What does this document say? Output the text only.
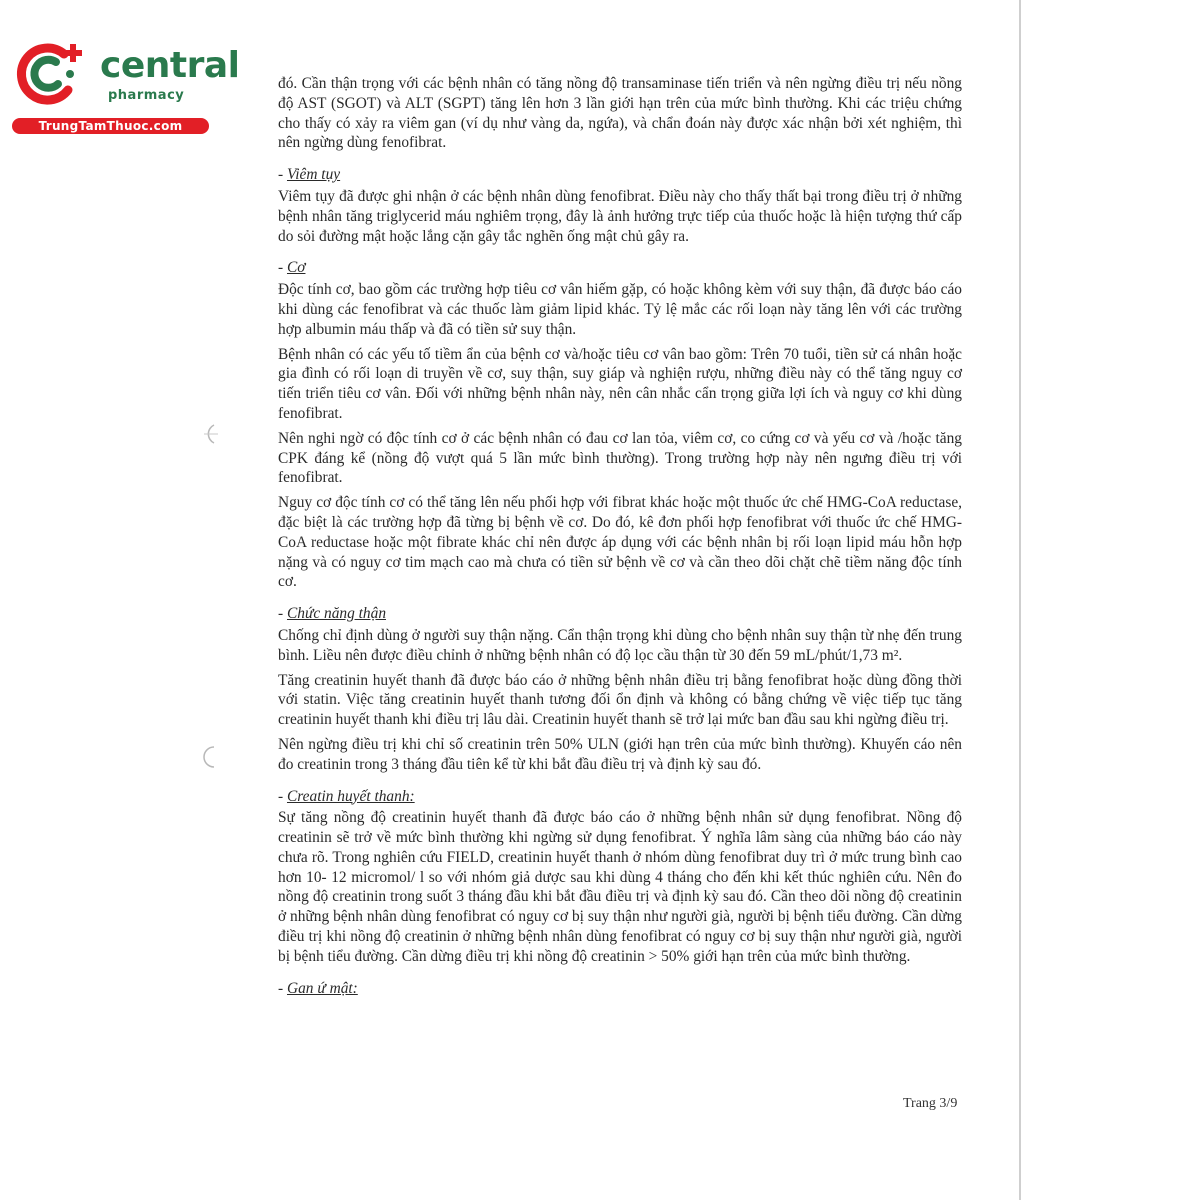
central
pharmacy
TrungTamThuoc.com

đó. Cần thận trọng với các bệnh nhân có tăng nồng độ transaminase tiến triển và nên ngừng điều trị nếu nồng độ AST (SGOT) và ALT (SGPT) tăng lên hơn 3 lần giới hạn trên của mức bình thường. Khi các triệu chứng cho thấy có xảy ra viêm gan (ví dụ như vàng da, ngứa), và chẩn đoán này được xác nhận bởi xét nghiệm, thì nên ngừng dùng fenofibrat.

- Viêm tụy

Viêm tụy đã được ghi nhận ở các bệnh nhân dùng fenofibrat. Điều này cho thấy thất bại trong điều trị ở những bệnh nhân tăng triglycerid máu nghiêm trọng, đây là ảnh hưởng trực tiếp của thuốc hoặc là hiện tượng thứ cấp do sỏi đường mật hoặc lắng cặn gây tắc nghẽn ống mật chủ gây ra.

- Cơ

Độc tính cơ, bao gồm các trường hợp tiêu cơ vân hiếm gặp, có hoặc không kèm với suy thận, đã được báo cáo khi dùng các fenofibrat và các thuốc làm giảm lipid khác. Tỷ lệ mắc các rối loạn này tăng lên với các trường hợp albumin máu thấp và đã có tiền sử suy thận.

Bệnh nhân có các yếu tố tiềm ẩn của bệnh cơ và/hoặc tiêu cơ vân bao gồm: Trên 70 tuổi, tiền sử cá nhân hoặc gia đình có rối loạn di truyền về cơ, suy thận, suy giáp và nghiện rượu, những điều này có thể tăng nguy cơ tiến triển tiêu cơ vân. Đối với những bệnh nhân này, nên cân nhắc cẩn trọng giữa lợi ích và nguy cơ khi dùng fenofibrat.

Nên nghi ngờ có độc tính cơ ở các bệnh nhân có đau cơ lan tỏa, viêm cơ, co cứng cơ và yếu cơ và /hoặc tăng CPK đáng kể (nồng độ vượt quá 5 lần mức bình thường). Trong trường hợp này nên ngưng điều trị với fenofibrat.

Nguy cơ độc tính cơ có thể tăng lên nếu phối hợp với fibrat khác hoặc một thuốc ức chế HMG-CoA reductase, đặc biệt là các trường hợp đã từng bị bệnh về cơ. Do đó, kê đơn phối hợp fenofibrat với thuốc ức chế HMG-CoA reductase hoặc một fibrate khác chỉ nên được áp dụng với các bệnh nhân bị rối loạn lipid máu hỗn hợp nặng và có nguy cơ tim mạch cao mà chưa có tiền sử bệnh về cơ và cần theo dõi chặt chẽ tiềm năng độc tính cơ.

- Chức năng thận

Chống chỉ định dùng ở người suy thận nặng. Cẩn thận trọng khi dùng cho bệnh nhân suy thận từ nhẹ đến trung bình. Liều nên được điều chỉnh ở những bệnh nhân có độ lọc cầu thận từ 30 đến 59 mL/phút/1,73 m².

Tăng creatinin huyết thanh đã được báo cáo ở những bệnh nhân điều trị bằng fenofibrat hoặc dùng đồng thời với statin. Việc tăng creatinin huyết thanh tương đối ổn định và không có bằng chứng về việc tiếp tục tăng creatinin huyết thanh khi điều trị lâu dài. Creatinin huyết thanh sẽ trở lại mức ban đầu sau khi ngừng điều trị.

Nên ngừng điều trị khi chỉ số creatinin trên 50% ULN (giới hạn trên của mức bình thường). Khuyến cáo nên đo creatinin trong 3 tháng đầu tiên kể từ khi bắt đầu điều trị và định kỳ sau đó.

- Creatin huyết thanh:

Sự tăng nồng độ creatinin huyết thanh đã được báo cáo ở những bệnh nhân sử dụng fenofibrat. Nồng độ creatinin sẽ trở về mức bình thường khi ngừng sử dụng fenofibrat. Ý nghĩa lâm sàng của những báo cáo này chưa rõ. Trong nghiên cứu FIELD, creatinin huyết thanh ở nhóm dùng fenofibrat duy trì ở mức trung bình cao hơn 10- 12 micromol/ l so với nhóm giả dược sau khi dùng 4 tháng cho đến khi kết thúc nghiên cứu. Nên đo nồng độ creatinin trong suốt 3 tháng đầu khi bắt đầu điều trị và định kỳ sau đó. Cần theo dõi nồng độ creatinin ở những bệnh nhân dùng fenofibrat có nguy cơ bị suy thận như người già, người bị bệnh tiểu đường. Cần dừng điều trị khi nồng độ creatinin ở những bệnh nhân dùng fenofibrat có nguy cơ bị suy thận như người già, người bị bệnh tiểu đường. Cần dừng điều trị khi nồng độ creatinin > 50% giới hạn trên của mức bình thường.

- Gan ứ mật:
Trang 3/9
